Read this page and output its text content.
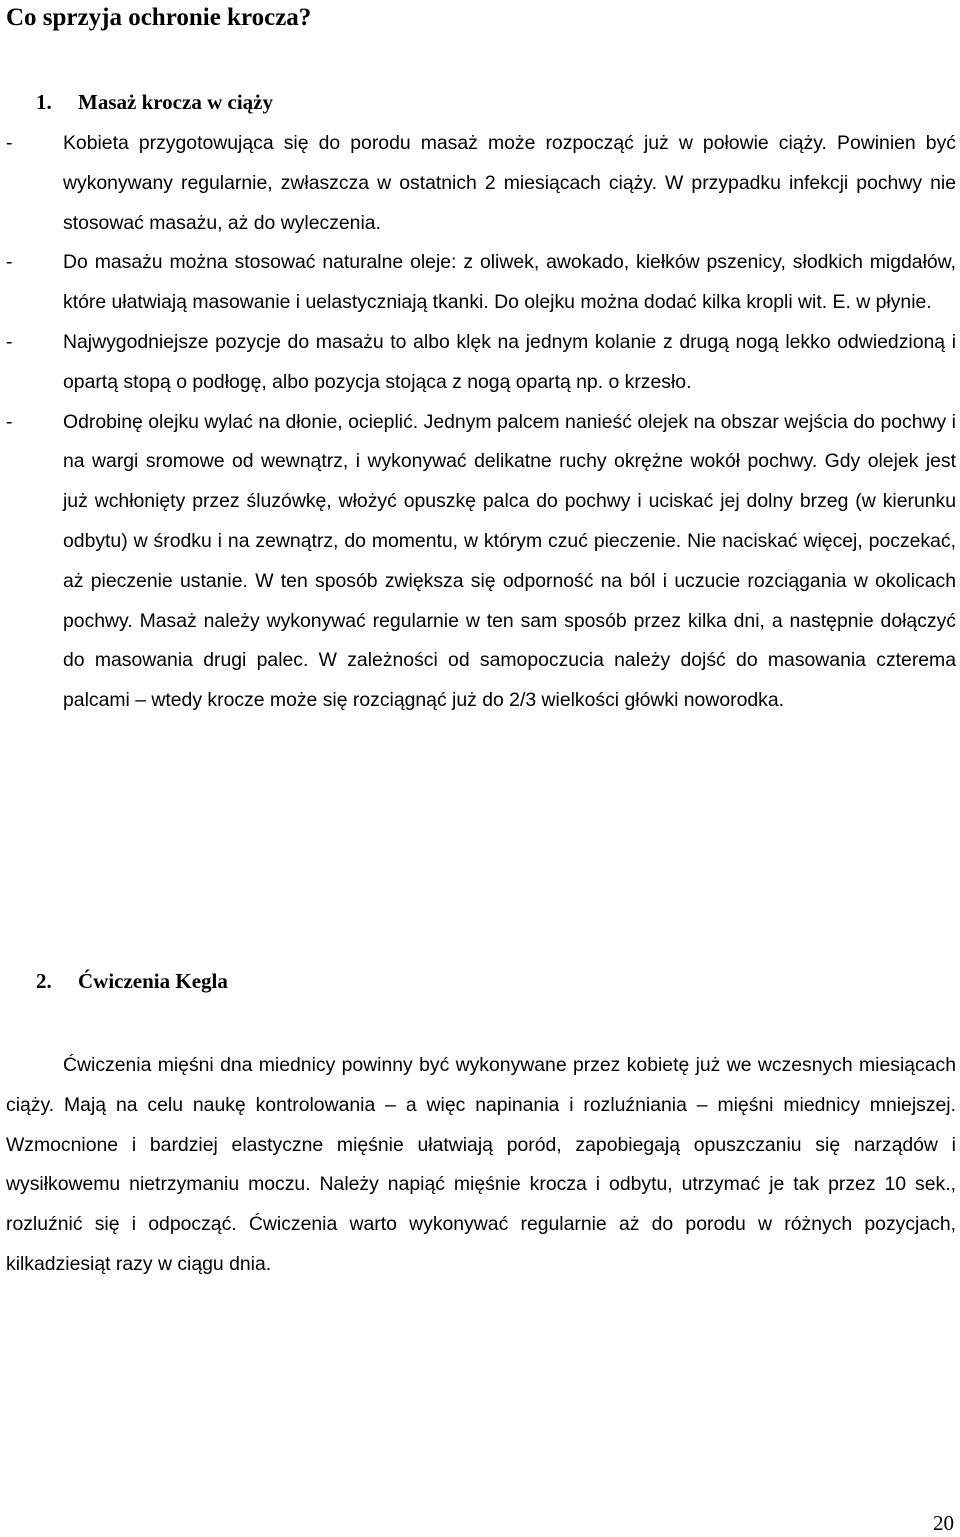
Co sprzyja ochronie krocza?
1. Masaż krocza w ciąży
-	Kobieta przygotowująca się do porodu masaż może rozpocząć już w połowie ciąży. Powinien być wykonywany regularnie, zwłaszcza w ostatnich 2 miesiącach ciąży. W przypadku infekcji pochwy nie stosować masażu, aż do wyleczenia.
-	Do masażu można stosować naturalne oleje: z oliwek, awokado, kiełków pszenicy, słodkich migdałów, które ułatwiają masowanie i uelastyczniają tkanki. Do olejku można dodać kilka kropli wit. E. w płynie.
-	Najwygodniejsze pozycje do masażu to albo klęk na jednym kolanie z drugą nogą lekko odwiedzioną i opartą stopą o podłogę, albo pozycja stojąca z nogą opartą np. o krzesło.
-	Odrobinę olejku wylać na dłonie, ocieplić. Jednym palcem nanieść olejek na obszar wejścia do pochwy i na wargi sromowe od wewnątrz, i wykonywać delikatne ruchy okrężne wokół pochwy. Gdy olejek jest już wchłonięty przez śluzówkę, włożyć opuszkę palca do pochwy i uciskać jej dolny brzeg (w kierunku odbytu) w środku i na zewnątrz, do momentu, w którym czuć pieczenie. Nie naciskać więcej, poczekać, aż pieczenie ustanie. W ten sposób zwiększa się odporność na ból i uczucie rozciągania w okolicach pochwy. Masaż należy wykonywać regularnie w ten sam sposób przez kilka dni, a następnie dołączyć do masowania drugi palec. W zależności od samopoczucia należy dojść do masowania czterema palcami – wtedy krocze może się rozciągnąć już do 2/3 wielkości główki noworodka.
2. Ćwiczenia Kegla

Ćwiczenia mięśni dna miednicy powinny być wykonywane przez kobietę już we wczesnych miesiącach ciąży. Mają na celu naukę kontrolowania – a więc napinania i rozluźniania – mięśni miednicy mniejszej. Wzmocnione i bardziej elastyczne mięśnie ułatwiają poród, zapobiegają opuszczaniu się narządów i wysiłkowemu nietrzymaniu moczu. Należy napiąć mięśnie krocza i odbytu, utrzymać je tak przez 10 sek., rozluźnić się i odpocząć. Ćwiczenia warto wykonywać regularnie aż do porodu w różnych pozycjach, kilkadziesiąt razy w ciągu dnia.

20
